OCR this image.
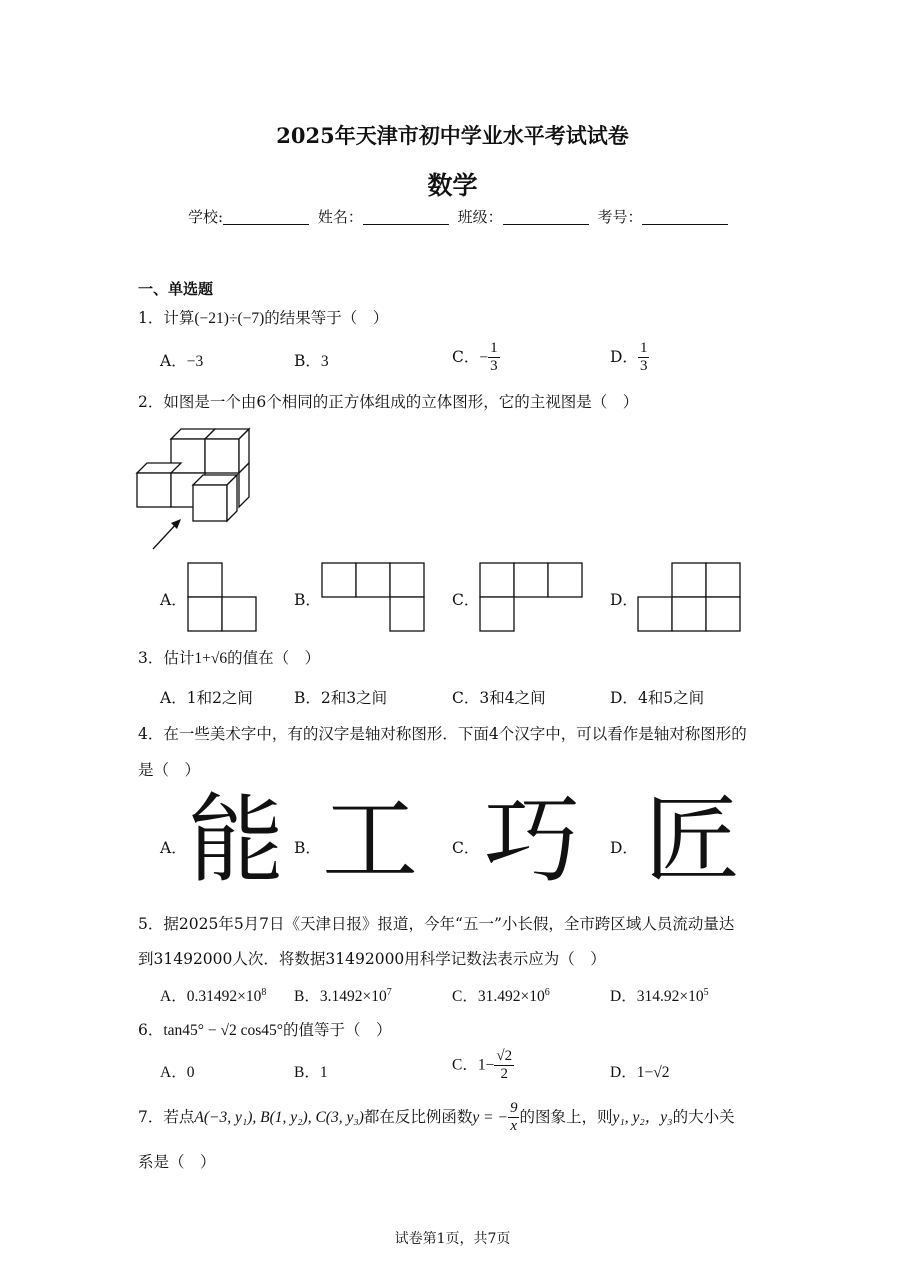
2025年天津市初中学业水平考试试卷
数学
学校:	姓名：	班级：	考号：
一、单选题
1．计算(−21)÷(−7)的结果等于（　）
A．−3	B．3	C．− $\frac{1}{3}$	D． $\frac{1}{3}$
2．如图是一个由6个相同的正方体组成的立体图形，它的主视图是（　）
A．	B．	C．	D．
3．估计1+√6的值在（　）
A．1和2之间	B．2和3之间	C．3和4之间	D．4和5之间
4．在一些美术字中，有的汉字是轴对称图形．下面4个汉字中，可以看作是轴对称图形的
是（　）
A． 能 B． 工 C． 巧 D． 匠
5．据2025年5月7日《天津日报》报道，今年“五一”小长假，全市跨区域人员流动量达
到31492000人次．将数据31492000用科学记数法表示应为（　）
A．$0.31492\times 10^8$ B．$3.1492\times 10^7$	C．$31.492\times 10^6$	D．$314.92\times 10^5$
6．tan45° − √2 cos45°的值等于（　）
A．0	B．1	C．$1- \frac{√2}{2}$	D．1−√2
7．若点A(−3, y₁), B(1, y₂), C(3, y₃)都在反比例函数y = − $\frac{9}{x}$ 的图象上，则y₁, y₂，y₃的大小关
系是（　）
试卷第1页，共7页
